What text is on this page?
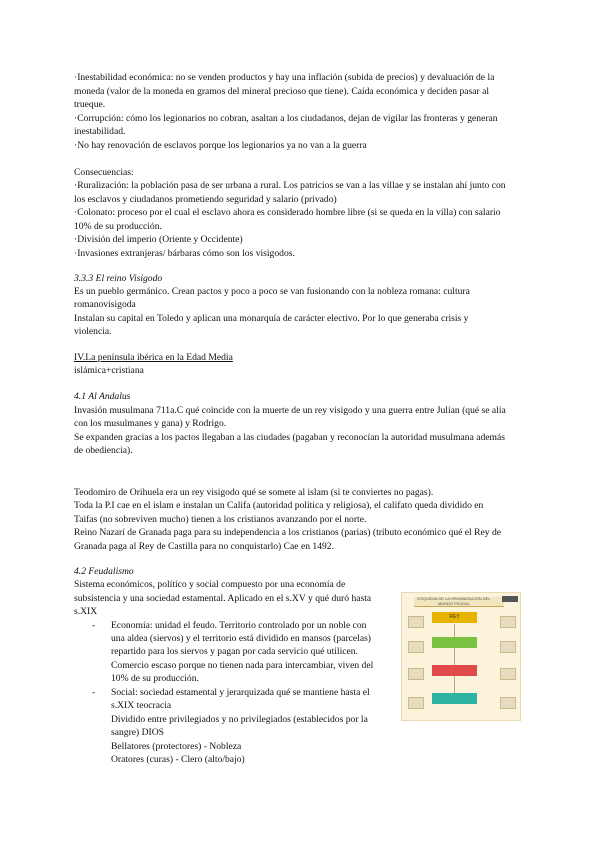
·Inestabilidad económica: no se venden productos y hay una inflación (subida de precios) y devaluación de la
moneda (valor de la moneda en gramos del mineral precioso que tiene). Caída económica y deciden pasar al
trueque.
·Corrupción: cómo los legionarios no cobran, asaltan a los ciudadanos, dejan de vigilar las fronteras y generan
inestabilidad.
·No hay renovación de esclavos porque los legionarios ya no van a la guerra
Consecuencias:
·Ruralización: la población pasa de ser urbana a rural. Los patricios se van a las villae y se instalan ahí junto con
los esclavos y ciudadanos prometiendo seguridad y salario (privado)
·Colonato: proceso por el cual el esclavo ahora es considerado hombre libre (si se queda en la villa) con salario
10% de su producción.
·División del imperio (Oriente y Occidente)
·Invasiones extranjeras/ bárbaras cómo son los visigodos.
3.3.3 El reino Visigodo
Es un pueblo germánico. Crean pactos y poco a poco se van fusionando con la nobleza romana: cultura
romanovisigoda
Instalan su capital en Toledo y aplican una monarquía de carácter electivo. Por lo que generaba crisis y
violencia.
IV.La península ibérica en la Edad Media
islámica+cristiana
4.1 Al Andalus
Invasión musulmana 711a.C qué coincide con la muerte de un rey visigodo y una guerra entre Julian (qué se alía
con los musulmanes y gana) y Rodrigo.
Se expanden gracias a los pactos llegaban a las ciudades (pagaban y reconocían la autoridad musulmana además
de obediencia).
Teodomiro de Orihuela era un rey visigodo qué se somete al islam (si te conviertes no pagas).
Toda la P.I cae en el islam e instalan un Califa (autoridad política y religiosa), el califato queda dividido en
Taifas (no sobreviven mucho) tienen a los cristianos avanzando por el norte.
Reino Nazarí de Granada paga para su independencia a los cristianos (parias) (tributo económico qué el Rey de
Granada paga al Rey de Castilla para no conquistarlo) Cae en 1492.
4.2 Feudalismo
Sistema económicos, político y social compuesto por una economía de
subsistencia y una sociedad estamental. Aplicado en el s.XV y qué duró hasta
s.XIX
- Economía: unidad el feudo. Territorio controlado por un noble con
una aldea (siervos) y el territorio está dividido en mansos (parcelas)
repartido para los siervos y pagan por cada servicio qué utilicen.
Comercio escaso porque no tienen nada para intercambiar, viven del
10% de su producción.
- Social: sociedad estamental y jerarquizada qué se mantiene hasta el
s.XIX teocracia
Dividido entre privilegiados y no privilegiados (establecidos por la
sangre) DIOS
Bellatores (protectores) - Nobleza
Oratores (curas) - Clero (alto/bajo)
ESQUEMA DE LA ORGANIZACIÓN DEL MUNDO FEUDAL
REY
